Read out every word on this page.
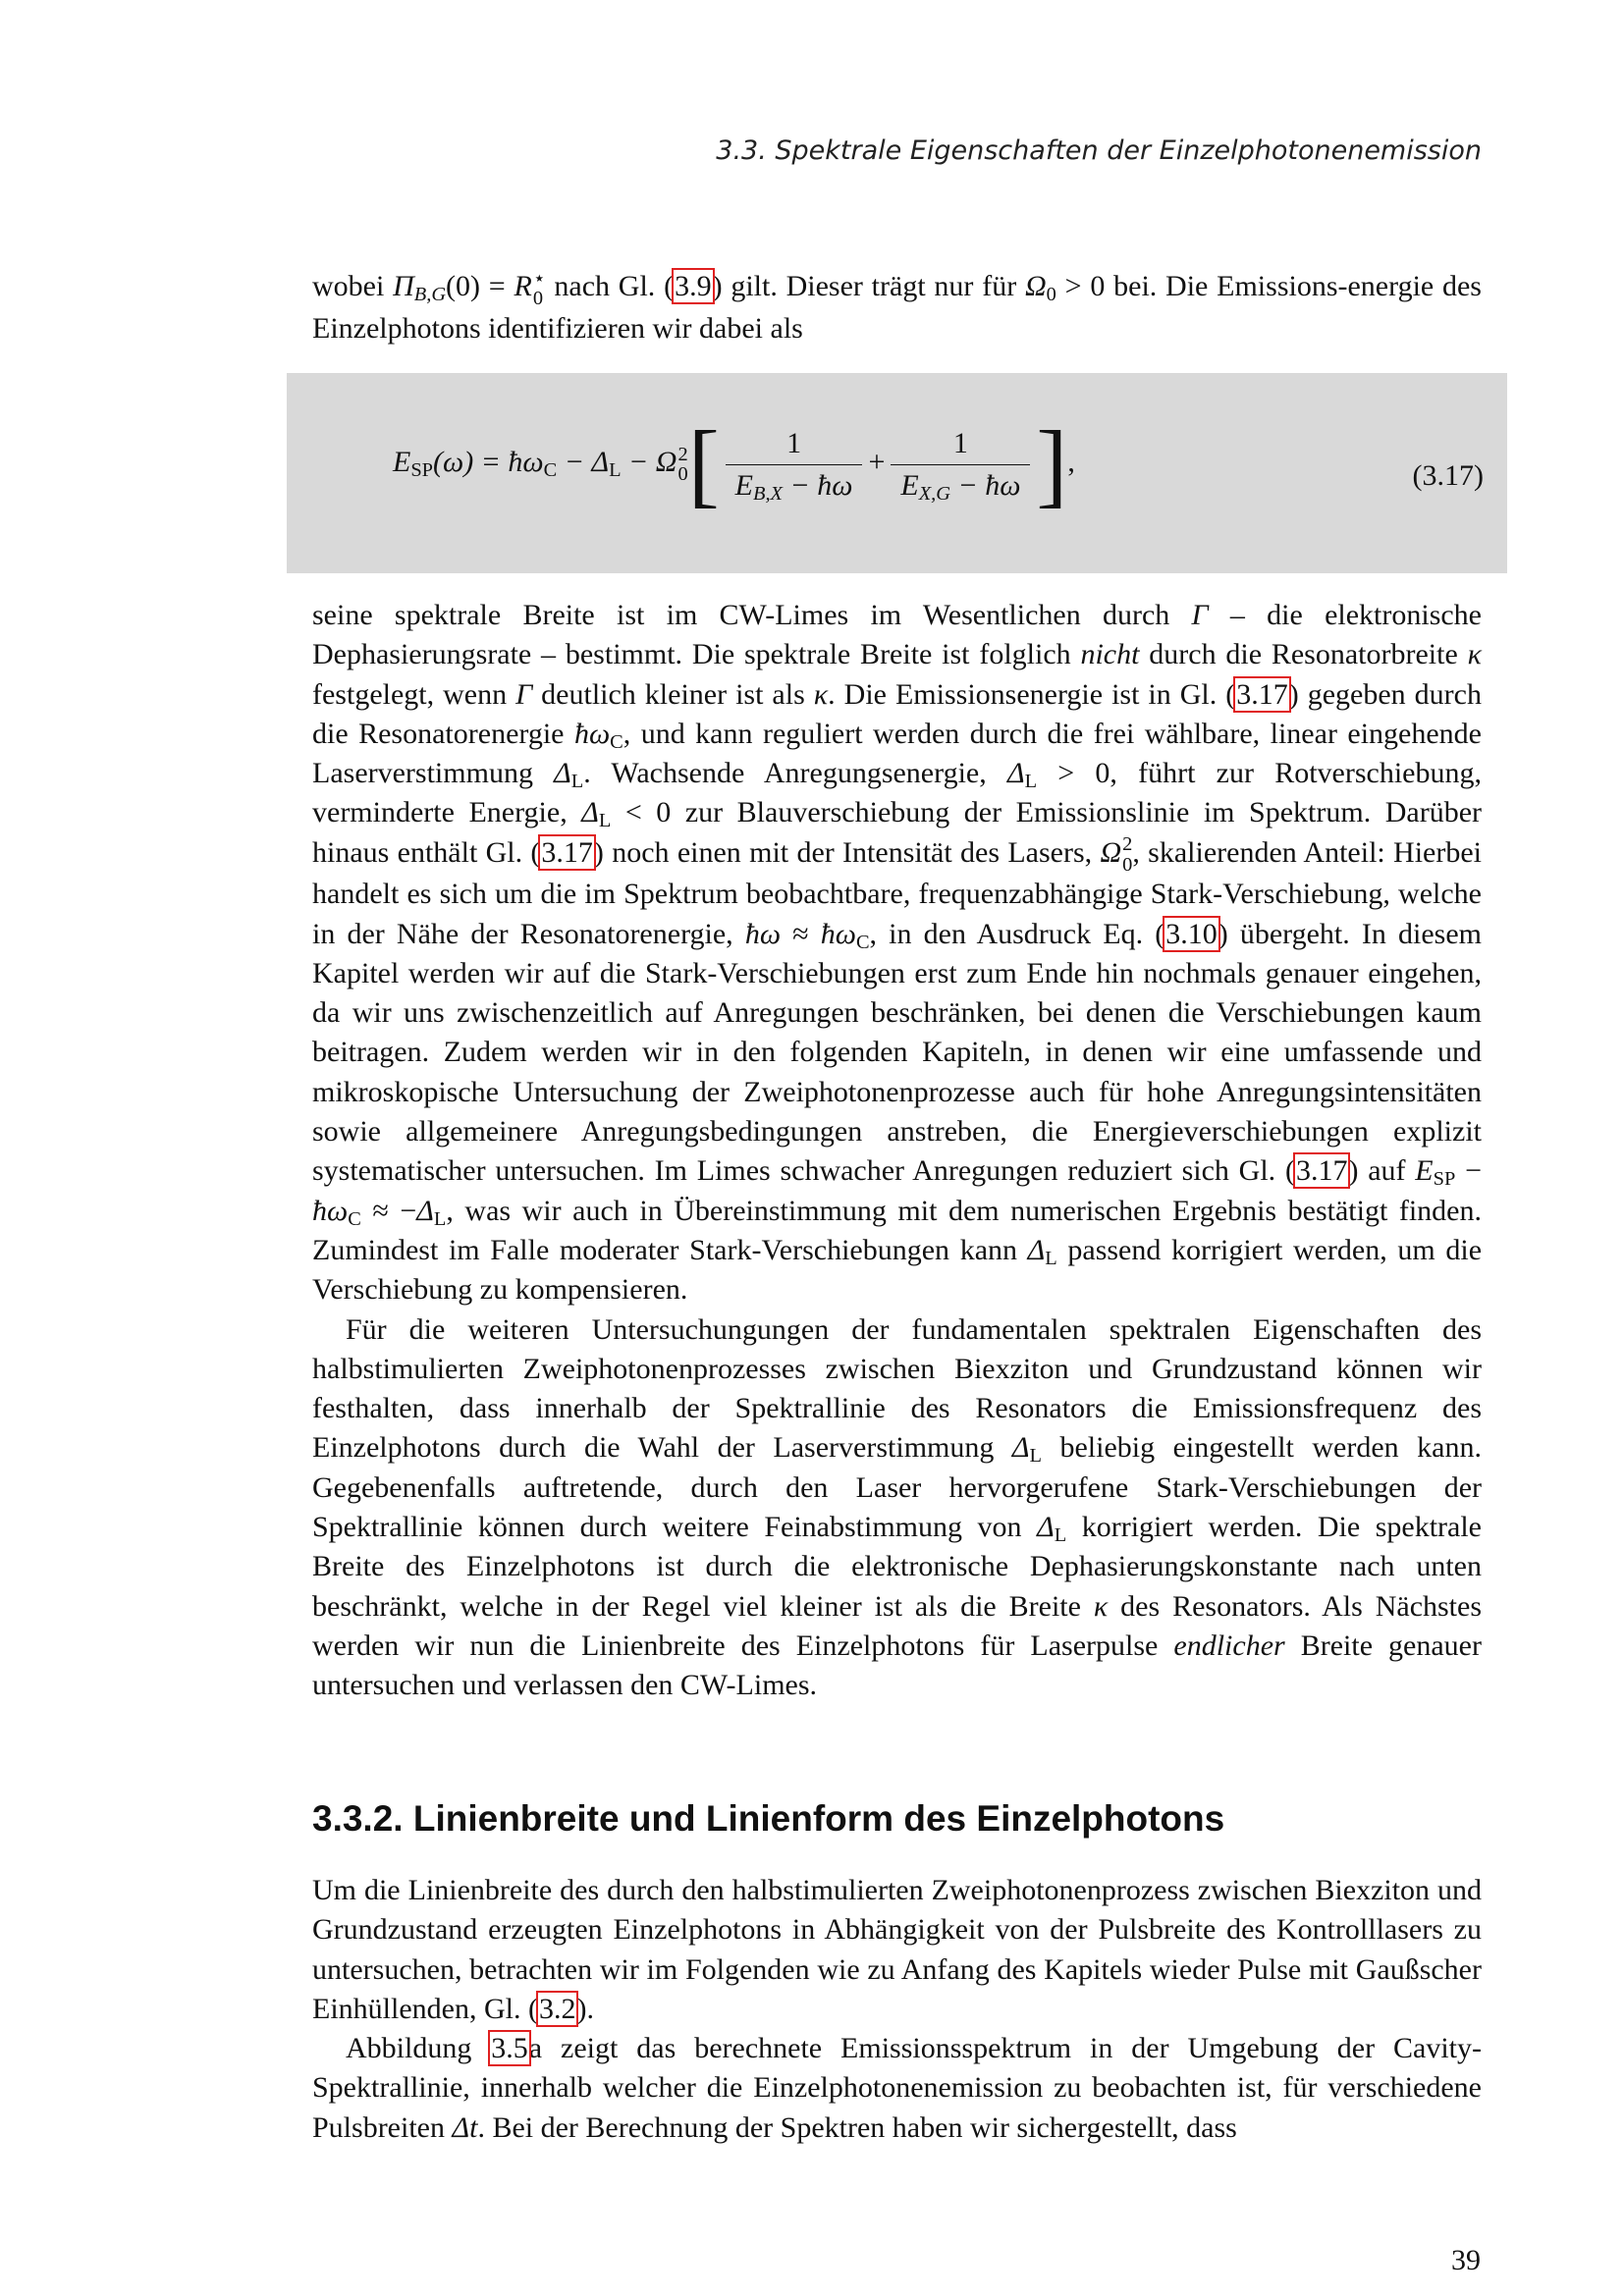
3.3. Spektrale Eigenschaften der Einzelphotonenemission

wobei $\Pi_{B,G}(0) = R$ ⋆
0 nach Gl. (3.9) gilt. Dieser trägt nur für $\Omega_0 > 0$ bei. Die Emissions-energie des Einzelphotons identifizieren wir dabei als

$E_{SP}(\omega)$ = $ħ\omega_C - \Delta_L - \Omega$ 2
0 [ $\frac{1}{E_{B,X} - ħ\omega} + \frac{1}{E_{X,G} - ħ\omega}$ ],	(3.17)

seine spektrale Breite ist im CW-Limes im Wesentlichen durch Γ – die elektronische Dephasierungsrate – bestimmt. Die spektrale Breite ist folglich nicht durch die Resonatorbreite κ festgelegt, wenn Γ deutlich kleiner ist als κ. Die Emissionsenergie ist in Gl. (3.17) gegeben durch die Resonatorenergie $ħ\omega_C$, und kann reguliert werden durch die frei wählbare, linear eingehende Laserverstimmung $\Delta_L$. Wachsende Anregungsenergie, $\Delta_L > 0$, führt zur Rotverschiebung, verminderte Energie, $\Delta_L < 0$ zur Blauverschiebung der Emissionslinie im Spektrum. Darüber hinaus enthält Gl. (3.17) noch einen mit der Intensität des Lasers, Ω 2
0 , skalierenden Anteil: Hierbei handelt es sich um die im Spektrum beobachtbare, frequenzabhängige Stark-Verschiebung, welche in der Nähe der Resonatorenergie, ħω ≈ $ħ\omega_C$, in den Ausdruck Eq. (3.10) übergeht. In diesem Kapitel werden wir auf die Stark-Verschiebungen erst zum Ende hin nochmals genauer eingehen, da wir uns zwischenzeitlich auf Anregungen beschränken, bei denen die Verschiebungen kaum beitragen. Zudem werden wir in den folgenden Kapiteln, in denen wir eine umfassende und mikroskopische Untersuchung der Zweiphotonenprozesse auch für hohe Anregungsintensitäten sowie allgemeinere Anregungsbedingungen anstreben, die Energieverschiebungen explizit systematischer untersuchen. Im Limes schwacher Anregungen reduziert sich Gl. (3.17) auf $E_{SP}$ − $ħ\omega_C \approx -\Delta_L$, was wir auch in Übereinstimmung mit dem numerischen Ergebnis bestätigt finden. Zumindest im Falle moderater Stark-Verschiebungen kann $\Delta_L$ passend korrigiert werden, um die Verschiebung zu kompensieren.

Für die weiteren Untersuchungungen der fundamentalen spektralen Eigenschaften des halbstimulierten Zweiphotonenprozesses zwischen Biexziton und Grundzustand können wir festhalten, dass innerhalb der Spektrallinie des Resonators die Emissionsfrequenz des Einzelphotons durch die Wahl der Laserverstimmung $\Delta_L$ beliebig eingestellt werden kann. Gegebenenfalls auftretende, durch den Laser hervorgerufene Stark-Verschiebungen der Spektrallinie können durch weitere Feinabstimmung von $\Delta_L$ korrigiert werden. Die spektrale Breite des Einzelphotons ist durch die elektronische Dephasierungskonstante nach unten beschränkt, welche in der Regel viel kleiner ist als die Breite κ des Resonators. Als Nächstes werden wir nun die Linienbreite des Einzelphotons für Laserpulse endlicher Breite genauer untersuchen und verlassen den CW-Limes.

3.3.2. Linienbreite und Linienform des Einzelphotons

Um die Linienbreite des durch den halbstimulierten Zweiphotonenprozess zwischen Biexziton und Grundzustand erzeugten Einzelphotons in Abhängigkeit von der Pulsbreite des Kontrolllasers zu untersuchen, betrachten wir im Folgenden wie zu Anfang des Kapitels wieder Pulse mit Gaußscher Einhüllenden, Gl. (3.2).

Abbildung 3.5a zeigt das berechnete Emissionsspektrum in der Umgebung der Cavity-Spektrallinie, innerhalb welcher die Einzelphotonenemission zu beobachten ist, für verschiedene Pulsbreiten Δt. Bei der Berechnung der Spektren haben wir sichergestellt, dass

39
